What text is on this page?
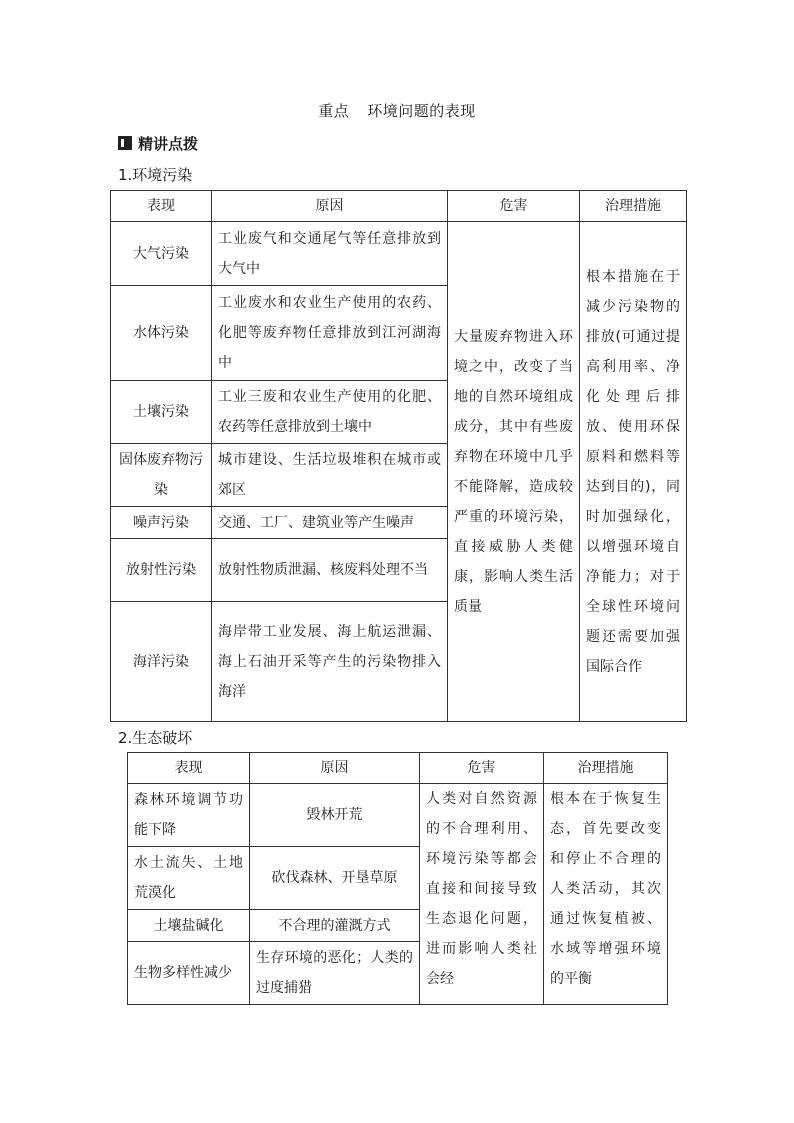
重点 环境问题的表现
精讲点拨
1.环境污染
表现	原因	危害	治理措施
大气污染	工业废气和交通尾气等任意排放到大气中	大量废弃物进入环境之中，改变了当地的自然环境组成成分，其中有些废弃物在环境中几乎不能降解，造成较严重的环境污染，直接威胁人类健康，影响人类生活质量	根本措施在于减少污染物的排放(可通过提高利用率、净化处理后排放、使用环保原料和燃料等达到目的)，同时加强绿化，以增强环境自净能力；对于全球性环境问题还需要加强国际合作
水体污染	工业废水和农业生产使用的农药、化肥等废弃物任意排放到江河湖海中		
土壤污染	工业三废和农业生产使用的化肥、农药等任意排放到土壤中		
固体废弃物污染	城市建设、生活垃圾堆积在城市或郊区		
噪声污染	交通、工厂、建筑业等产生噪声		
放射性污染	放射性物质泄漏、核废料处理不当		
海洋污染	海岸带工业发展、海上航运泄漏、海上石油开采等产生的污染物排入海洋		
2.生态破坏
表现	原因	危害	治理措施
森林环境调节功能下降	毁林开荒	人类对自然资源的不合理利用、环境污染等都会直接和间接导致生态退化问题，进而影响人类社会经	根本在于恢复生态，首先要改变和停止不合理的人类活动，其次通过恢复植被、水域等增强环境的平衡
水土流失、土地荒漠化	砍伐森林、开垦草原		
土壤盐碱化	不合理的灌溉方式		
生物多样性减少	生存环境的恶化；人类的过度捕猎		
